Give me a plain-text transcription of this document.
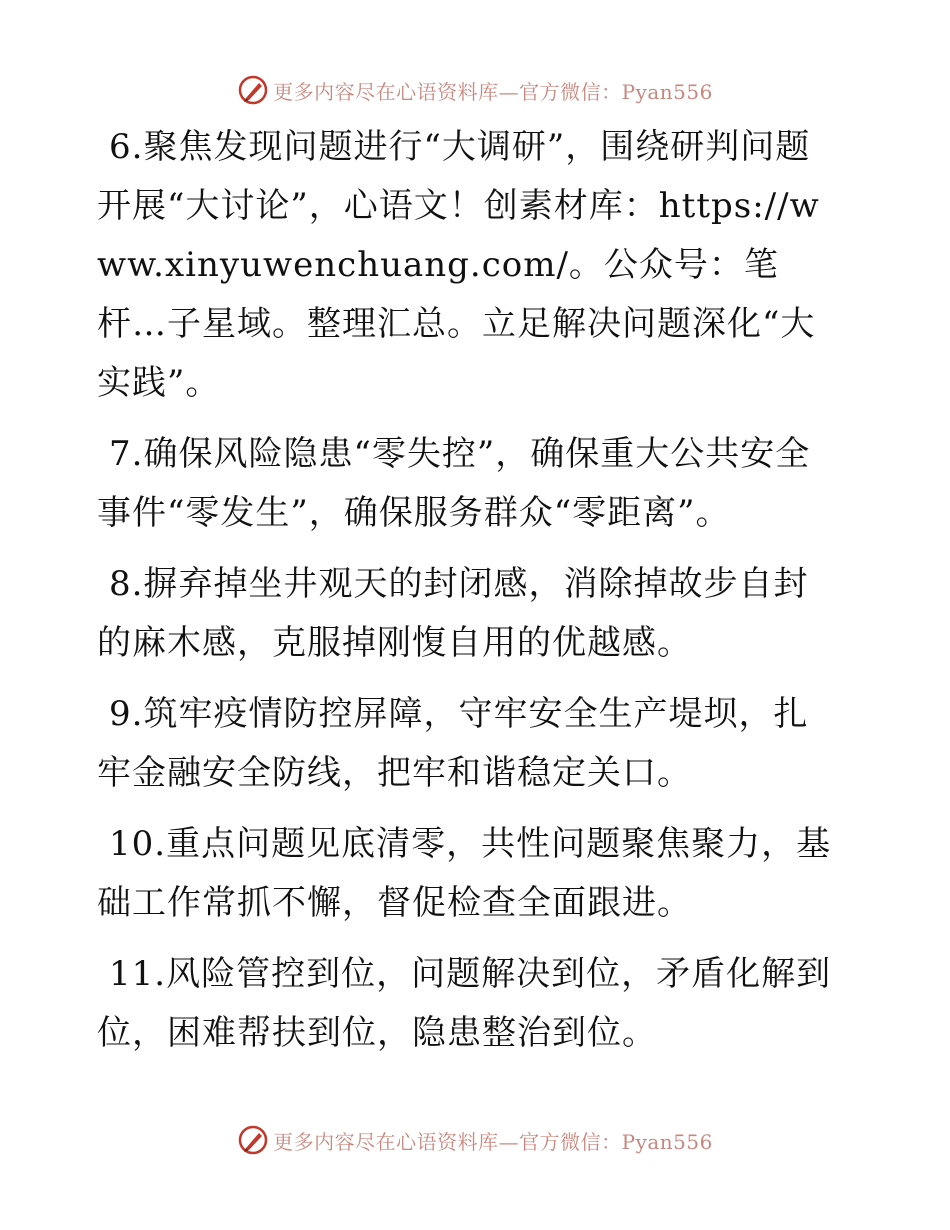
更多内容尽在心语资料库—官方微信：Pyan556

6.聚焦发现问题进行“大调研”，围绕研判问题开展“大讨论”，心语文！创素材库：https://www.xinyuwenchuang.com/。公众号：笔杆…子星域。整理汇总。立足解决问题深化“大实践”。

7.确保风险隐患“零失控”，确保重大公共安全事件“零发生”，确保服务群众“零距离”。

8.摒弃掉坐井观天的封闭感，消除掉故步自封的麻木感，克服掉刚愎自用的优越感。

9.筑牢疫情防控屏障，守牢安全生产堤坝，扎牢金融安全防线，把牢和谐稳定关口。

10.重点问题见底清零，共性问题聚焦聚力，基础工作常抓不懈，督促检查全面跟进。

11.风险管控到位，问题解决到位，矛盾化解到位，困难帮扶到位，隐患整治到位。

更多内容尽在心语资料库—官方微信：Pyan556
